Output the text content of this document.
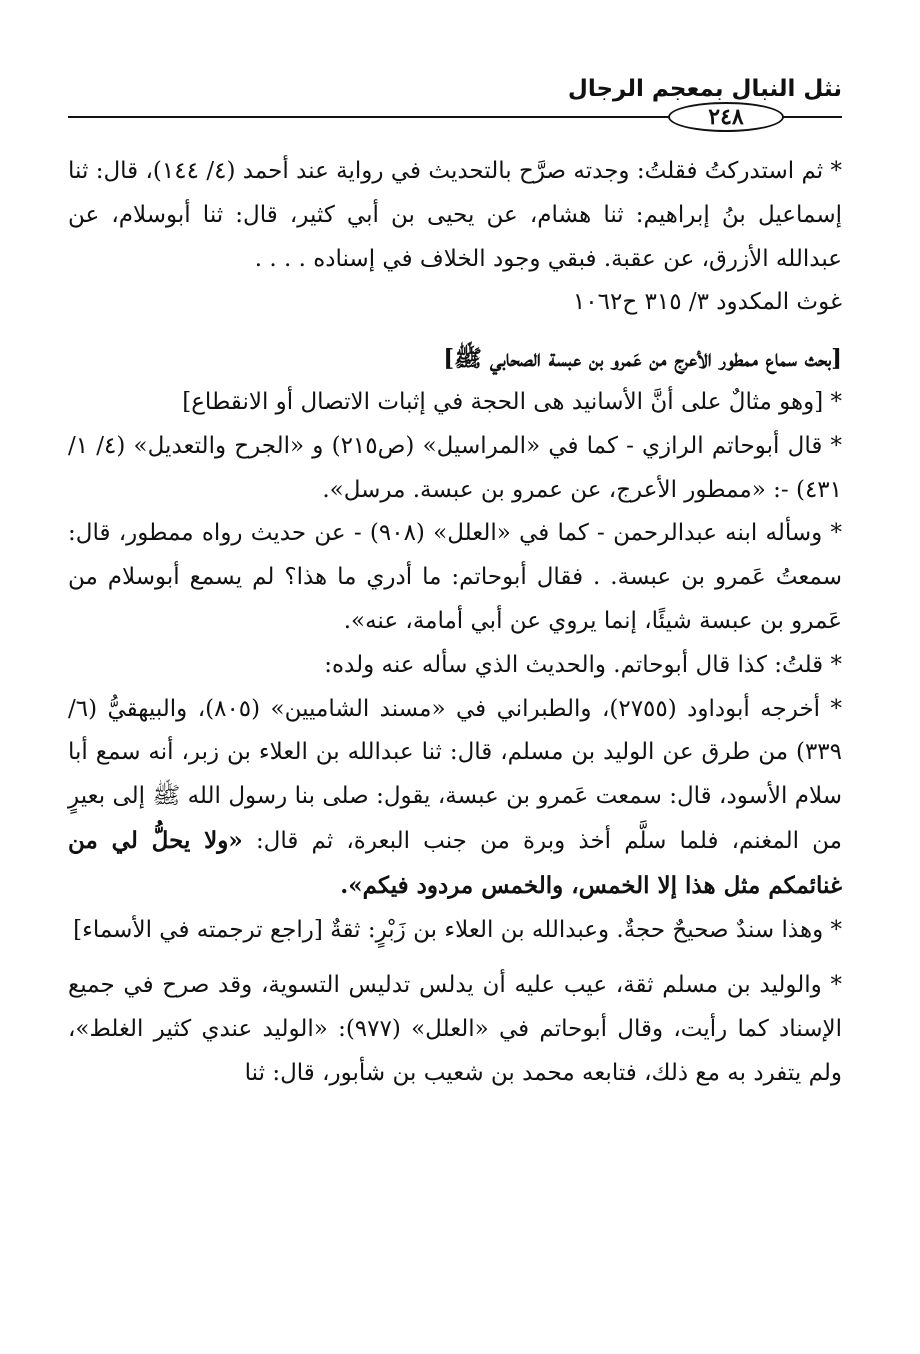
نثل النبال بمعجم الرجال
٢٤٨

* ثم استدركتُ فقلتُ: وجدته صرَّح بالتحديث في رواية عند أحمد (٤/ ١٤٤)، قال: ثنا إسماعيل بنُ إبراهيم: ثنا هشام، عن يحيى بن أبي كثير، قال: ثنا أبوسلام، عن عبدالله الأزرق، عن عقبة. فبقي وجود الخلاف في إسناده . . . .

غوث المكدود ٣/ ٣١٥ ح١٠٦٢

[بحث سماع ممطور الأعرج من عَمرو بن عبسة الصحابي ﷺ]

* [وهو مثالٌ على أنَّ الأسانيد هى الحجة في إثبات الاتصال أو الانقطاع]

* قال أبوحاتم الرازي - كما في «المراسيل» (ص٢١٥) و «الجرح والتعديل» (٤/ ١/ ٤٣١) -: «ممطور الأعرج، عن عمرو بن عبسة. مرسل».

* وسأله ابنه عبدالرحمن - كما في «العلل» (٩٠٨) - عن حديث رواه ممطور، قال: سمعتُ عَمرو بن عبسة. . فقال أبوحاتم: ما أدري ما هذا؟ لم يسمع أبوسلام من عَمرو بن عبسة شيئًا، إنما يروي عن أبي أمامة، عنه».

* قلتُ: كذا قال أبوحاتم. والحديث الذي سأله عنه ولده:

* أخرجه أبوداود (٢٧٥٥)، والطبراني في «مسند الشاميين» (٨٠٥)، والبيهقيُّ (٦/ ٣٣٩) من طرق عن الوليد بن مسلم، قال: ثنا عبدالله بن العلاء بن زبر، أنه سمع أبا سلام الأسود، قال: سمعت عَمرو بن عبسة، يقول: صلى بنا رسول الله ﷺ إلى بعيرٍ من المغنم، فلما سلَّم أخذ وبرة من جنب البعرة، ثم قال: «ولا يحلُّ لي من غنائمكم مثل هذا إلا الخمس، والخمس مردود فيكم».

* وهذا سندٌ صحيحٌ حجةٌ. وعبدالله بن العلاء بن زَبْرٍ: ثقةٌ [راجع ترجمته في الأسماء]

* والوليد بن مسلم ثقة، عيب عليه أن يدلس تدليس التسوية، وقد صرح في جميع الإسناد كما رأيت، وقال أبوحاتم في «العلل» (٩٧٧): «الوليد عندي كثير الغلط»، ولم يتفرد به مع ذلك، فتابعه محمد بن شعيب بن شأبور، قال: ثنا
